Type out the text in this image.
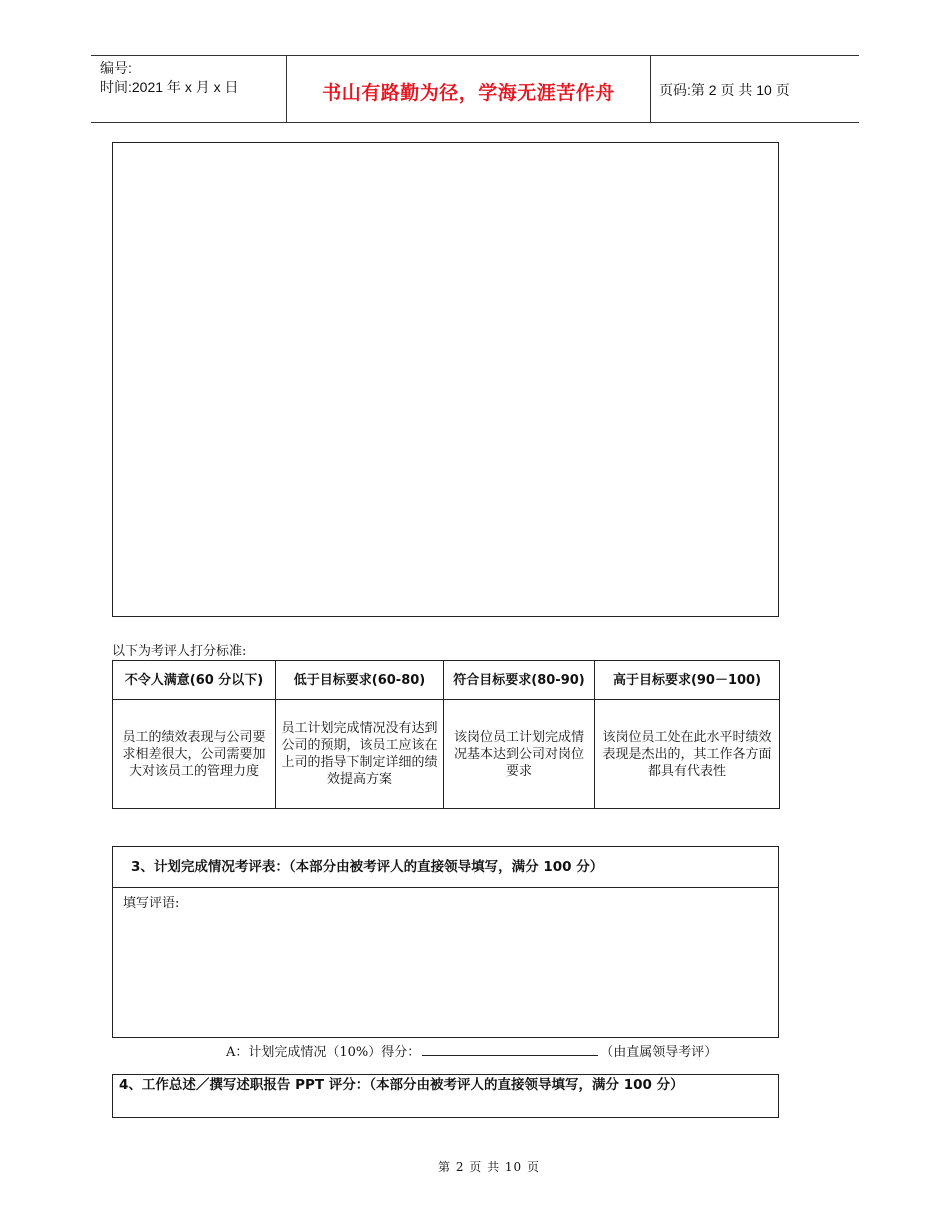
编号:
时间:2021 年 x 月 x 日	书山有路勤为径，学海无涯苦作舟	页码:第 2 页 共 10 页
以下为考评人打分标准:
不令人满意(60 分以下)	低于目标要求(60-80)	符合目标要求(80-90)	高于目标要求(90－100)
员工的绩效表现与公司要求相差很大，公司需要加大对该员工的管理力度	员工计划完成情况没有达到公司的预期，该员工应该在上司的指导下制定详细的绩效提高方案	该岗位员工计划完成情况基本达到公司对岗位要求	该岗位员工处在此水平时绩效表现是杰出的，其工作各方面都具有代表性
3、计划完成情况考评表：（本部分由被考评人的直接领导填写，满分 100 分）
填写评语:
A：计划完成情况（10%）得分：	（由直属领导考评）
4、工作总述／撰写述职报告 PPT 评分：（本部分由被考评人的直接领导填写，满分 100 分）
第 2 页 共 10 页
